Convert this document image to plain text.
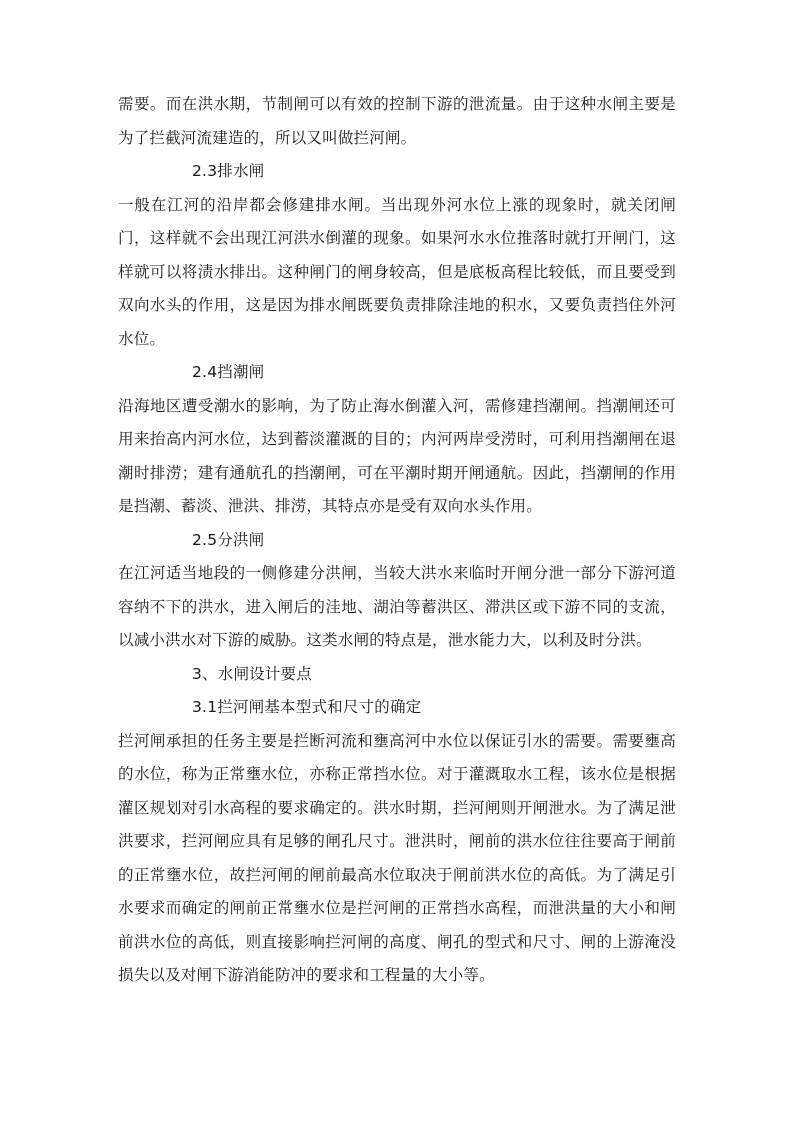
需要。而在洪水期，节制闸可以有效的控制下游的泄流量。由于这种水闸主要是为了拦截河流建造的，所以又叫做拦河闸。

2.3排水闸

一般在江河的沿岸都会修建排水闸。当出现外河水位上涨的现象时，就关闭闸门，这样就不会出现江河洪水倒灌的现象。如果河水水位推落时就打开闸门，这样就可以将渍水排出。这种闸门的闸身较高，但是底板高程比较低，而且要受到双向水头的作用，这是因为排水闸既要负责排除洼地的积水，又要负责挡住外河水位。

2.4挡潮闸

沿海地区遭受潮水的影响，为了防止海水倒灌入河，需修建挡潮闸。挡潮闸还可用来抬高内河水位，达到蓄淡灌溉的目的；内河两岸受涝时，可利用挡潮闸在退潮时排涝；建有通航孔的挡潮闸，可在平潮时期开闸通航。因此，挡潮闸的作用是挡潮、蓄淡、泄洪、排涝，其特点亦是受有双向水头作用。

2.5分洪闸

在江河适当地段的一侧修建分洪闸，当较大洪水来临时开闸分泄一部分下游河道容纳不下的洪水，进入闸后的洼地、湖泊等蓄洪区、滞洪区或下游不同的支流，以减小洪水对下游的威胁。这类水闸的特点是，泄水能力大，以利及时分洪。

3、水闸设计要点

3.1拦河闸基本型式和尺寸的确定

拦河闸承担的任务主要是拦断河流和壅高河中水位以保证引水的需要。需要壅高的水位，称为正常壅水位，亦称正常挡水位。对于灌溉取水工程，该水位是根据灌区规划对引水高程的要求确定的。洪水时期，拦河闸则开闸泄水。为了满足泄洪要求，拦河闸应具有足够的闸孔尺寸。泄洪时，闸前的洪水位往往要高于闸前的正常壅水位，故拦河闸的闸前最高水位取决于闸前洪水位的高低。为了满足引水要求而确定的闸前正常壅水位是拦河闸的正常挡水高程，而泄洪量的大小和闸前洪水位的高低，则直接影响拦河闸的高度、闸孔的型式和尺寸、闸的上游淹没损失以及对闸下游消能防冲的要求和工程量的大小等。
